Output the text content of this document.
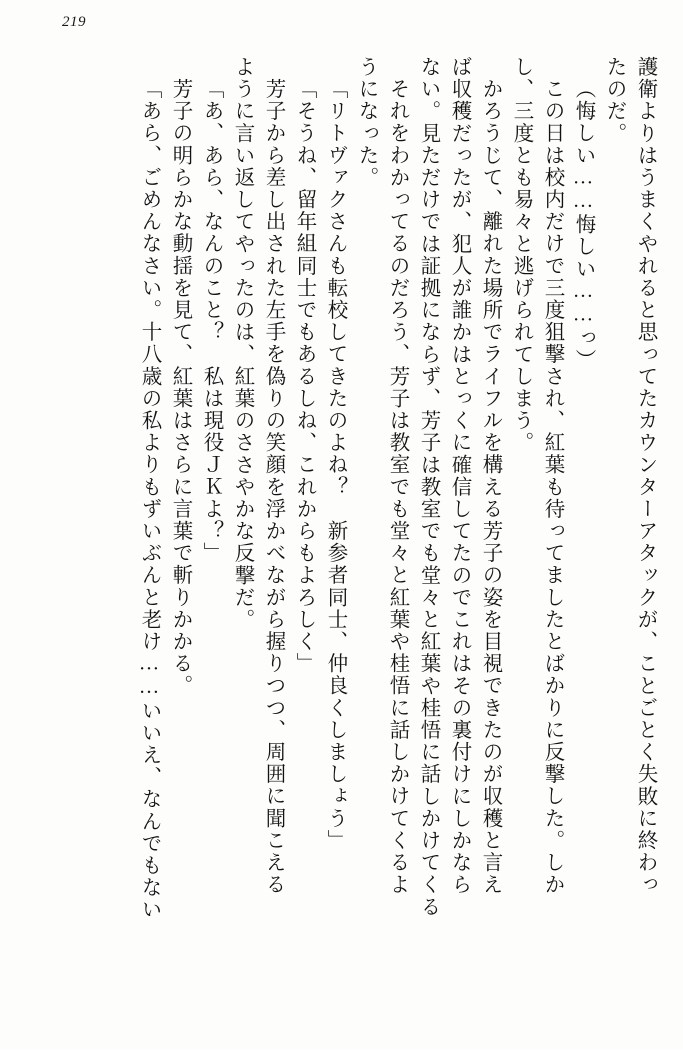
219
護衛よりはうまくやれると思ってたカウンターアタックが、ことごとく失敗に終わっ
たのだ。
（悔しい……悔しい……っ）
この日は校内だけで三度狙撃され、紅葉も待ってましたとばかりに反撃した。しか
し、三度とも易々と逃げられてしまう。
かろうじて、離れた場所でライフルを構える芳子の姿を目視できたのが収穫と言え
ば収穫だったが、犯人が誰かはとっくに確信してたのでこれはその裏付けにしかなら
ない。見ただけでは証拠にならず、芳子は教室でも堂々と紅葉や桂悟に話しかけてくる
それをわかってるのだろう、芳子は教室でも堂々と紅葉や桂悟に話しかけてくるよ
うになった。
「リトヴァクさんも転校してきたのよね？　新参者同士、仲良くしましょう」
「そうね、留年組同士でもあるしね、これからもよろしく」
芳子から差し出された左手を偽りの笑顔を浮かべながら握りつつ、周囲に聞こえる
ように言い返してやったのは、紅葉のささやかな反撃だ。
「あ、あら、なんのこと？　私は現役ＪＫよ？」
芳子の明らかな動揺を見て、紅葉はさらに言葉で斬りかかる。
「あら、ごめんなさい。十八歳の私よりもずいぶんと老け……いいえ、なんでもない
